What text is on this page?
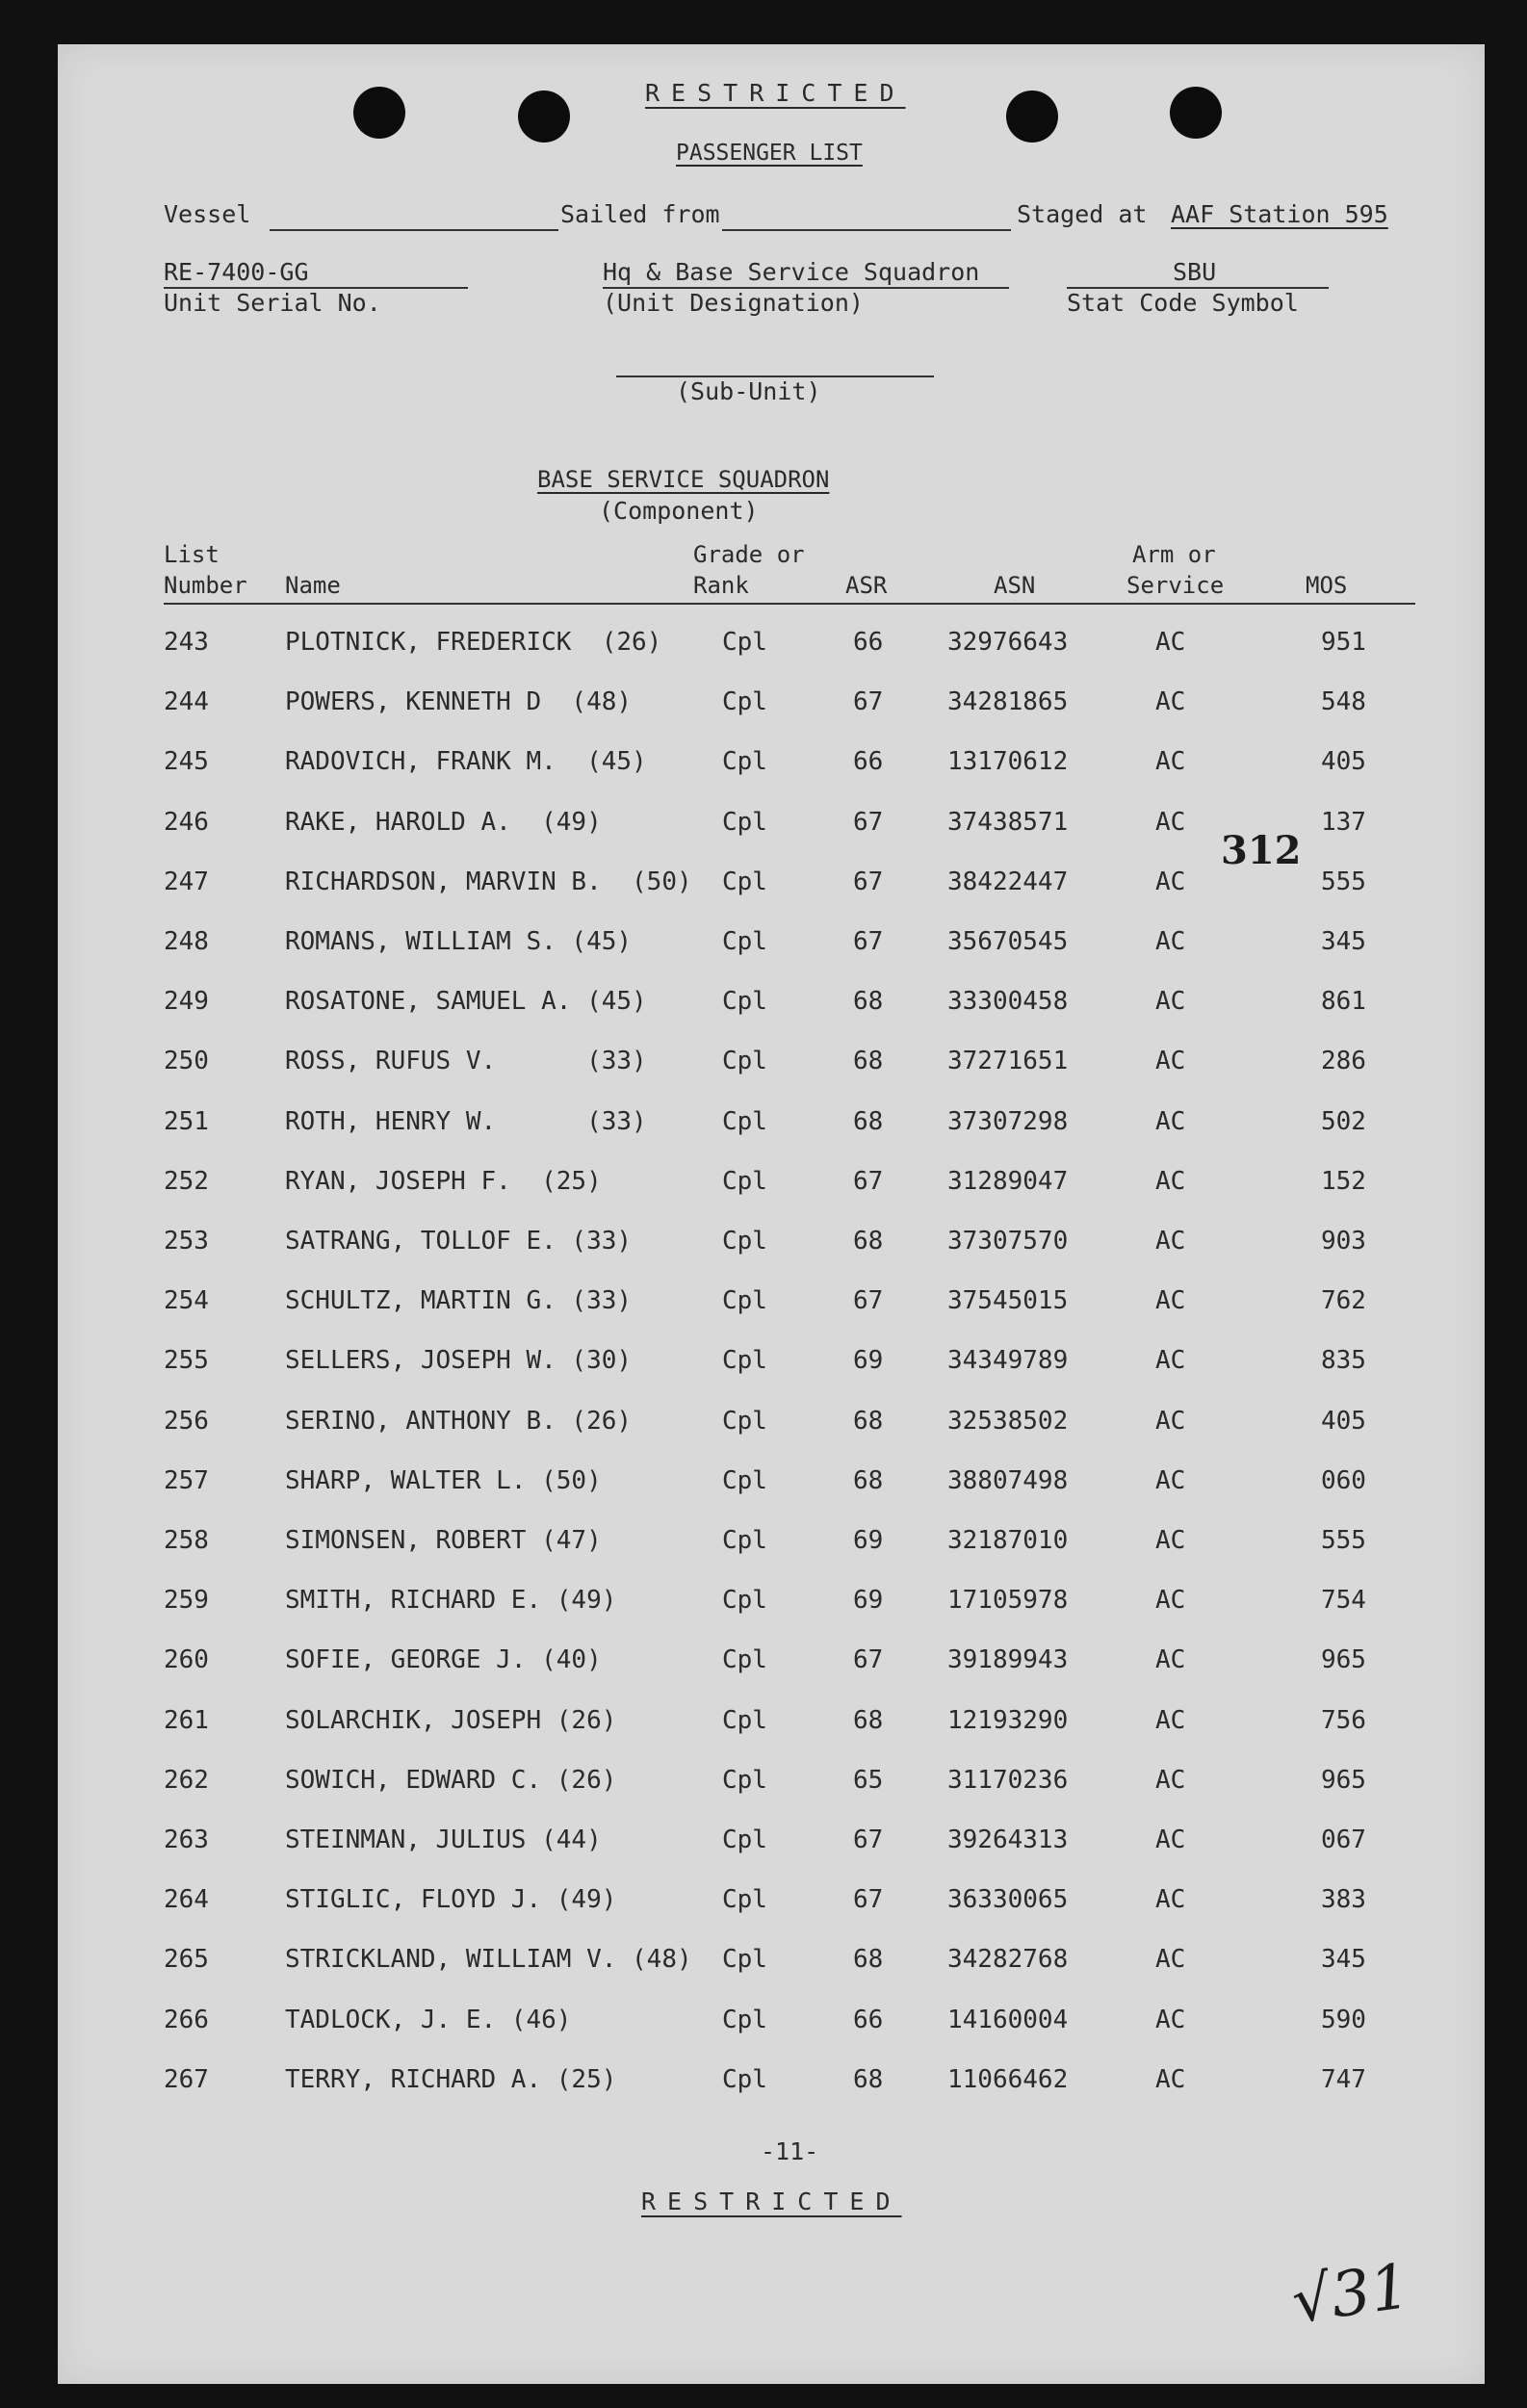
RESTRICTED
PASSENGER LIST
Vessel	Sailed from	Staged at AAF Station 595
RE-7400-GG
Unit Serial No.
Hq & Base Service Squadron
(Unit Designation)
SBU
Stat Code Symbol
(Sub-Unit)
BASE SERVICE SQUADRON
(Component)
List
Number Name
Grade or
Rank	ASR	ASN
Arm or
Service	MOS
243	PLOTNICK, FREDERICK  (26) Cpl	66	32976643	AC	951
244	POWERS, KENNETH D  (48)	Cpl	67	34281865	AC	548
245	RADOVICH, FRANK M.  (45)	Cpl	66	13170612	AC	405
246	RAKE, HAROLD A.  (49)	Cpl	67	37438571	AC	137
247	RICHARDSON, MARVIN B.  (50) Cpl	67	38422447	AC	555
248	ROMANS, WILLIAM S. (45)	Cpl	67	35670545	AC	345
249	ROSATONE, SAMUEL A. (45)	Cpl	68	33300458	AC	861
250	ROSS, RUFUS V.      (33)	Cpl	68	37271651	AC	286
251	ROTH, HENRY W.      (33)	Cpl	68	37307298	AC	502
252	RYAN, JOSEPH F.  (25)	Cpl	67	31289047	AC	152
253	SATRANG, TOLLOF E. (33)	Cpl	68	37307570	AC	903
254	SCHULTZ, MARTIN G. (33)	Cpl	67	37545015	AC	762
255	SELLERS, JOSEPH W. (30)	Cpl	69	34349789	AC	835
256	SERINO, ANTHONY B. (26)	Cpl	68	32538502	AC	405
257	SHARP, WALTER L. (50)	Cpl	68	38807498	AC	060
258	SIMONSEN, ROBERT (47)	Cpl	69	32187010	AC	555
259	SMITH, RICHARD E. (49)	Cpl	69	17105978	AC	754
260	SOFIE, GEORGE J. (40)	Cpl	67	39189943	AC	965
261	SOLARCHIK, JOSEPH (26)	Cpl	68	12193290	AC	756
262	SOWICH, EDWARD C. (26)	Cpl	65	31170236	AC	965
263	STEINMAN, JULIUS (44)	Cpl	67	39264313	AC	067
264	STIGLIC, FLOYD J. (49)	Cpl	67	36330065	AC	383
265	STRICKLAND, WILLIAM V. (48) Cpl	68	34282768	AC	345
266	TADLOCK, J. E. (46)	Cpl	66	14160004	AC	590
267	TERRY, RICHARD A. (25)	Cpl	68	11066462	AC	747
312
√31
-11-
RESTRICTED
